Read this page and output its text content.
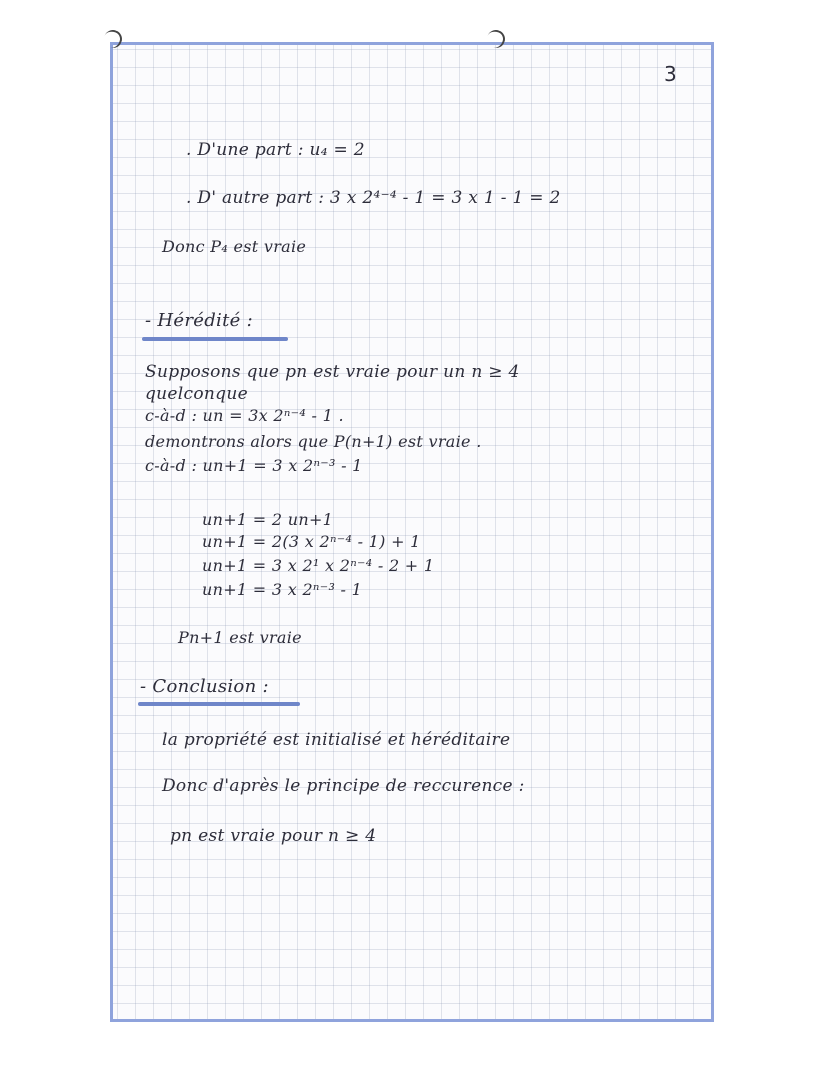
3
. D'une part : u₄ = 2
. D' autre part : 3 x 2⁴⁻⁴ - 1 = 3 x 1 - 1 = 2
Donc P₄ est vraie
- Hérédité :
Supposons que pn est vraie pour un n ≥ 4
quelconque
c-à-d : un = 3x 2ⁿ⁻⁴ - 1 .
demontrons alors que P(n+1) est vraie .
c-à-d : un+1 = 3 x 2ⁿ⁻³ - 1
un+1 = 2 un+1
un+1 = 2(3 x 2ⁿ⁻⁴ - 1) + 1
un+1 = 3 x 2¹ x 2ⁿ⁻⁴ - 2 + 1
un+1 = 3 x 2ⁿ⁻³ - 1
Pn+1 est vraie
- Conclusion :
la propriété est initialisé et héréditaire
Donc d'après le principe de reccurence :
pn est vraie pour n ≥ 4
